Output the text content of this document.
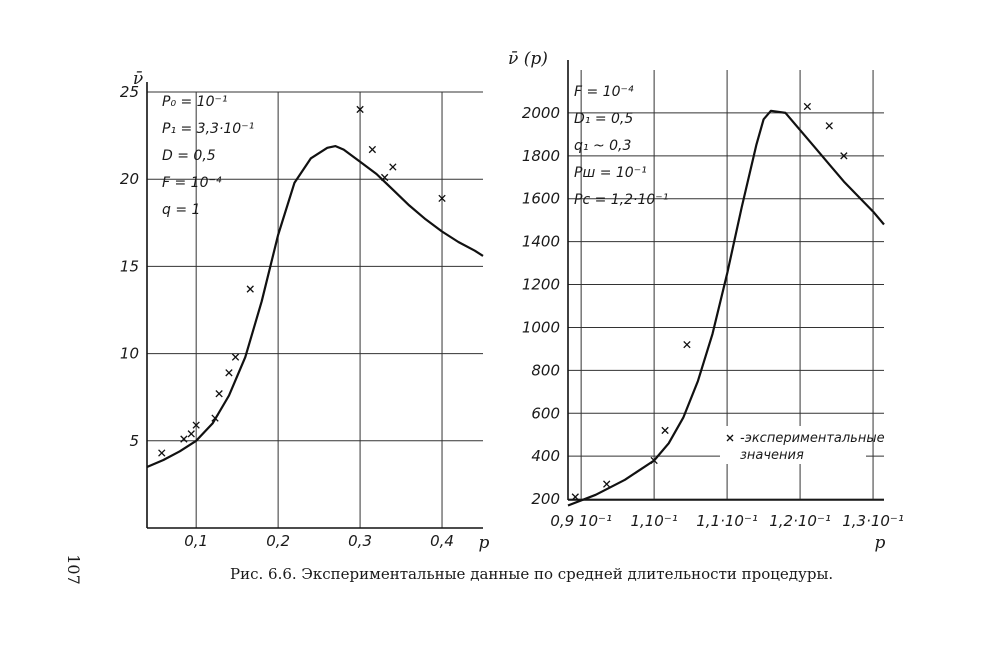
5
10
15
20
25
0,1	0,2	0,3	0,4
ν̄
p
P₀ = 10⁻¹
P₁ = 3,3·10⁻¹
D = 0,5
F = 10⁻⁴
q = 1
200
400
600
800
1000
1200
1400
1600
1800
2000
0,9 10⁻¹ 1,10⁻¹ 1,1·10⁻¹ 1,2·10⁻¹ 1,3·10⁻¹
ν̄ (p)
p
F = 10⁻⁴
D₁ = 0,5
q₁ ~ 0,3
Pш = 10⁻¹
Pс = 1,2·10⁻¹
-экспериментальные
значения
107	Рис. 6.6. Экспериментальные данные по средней длительности процедуры.
